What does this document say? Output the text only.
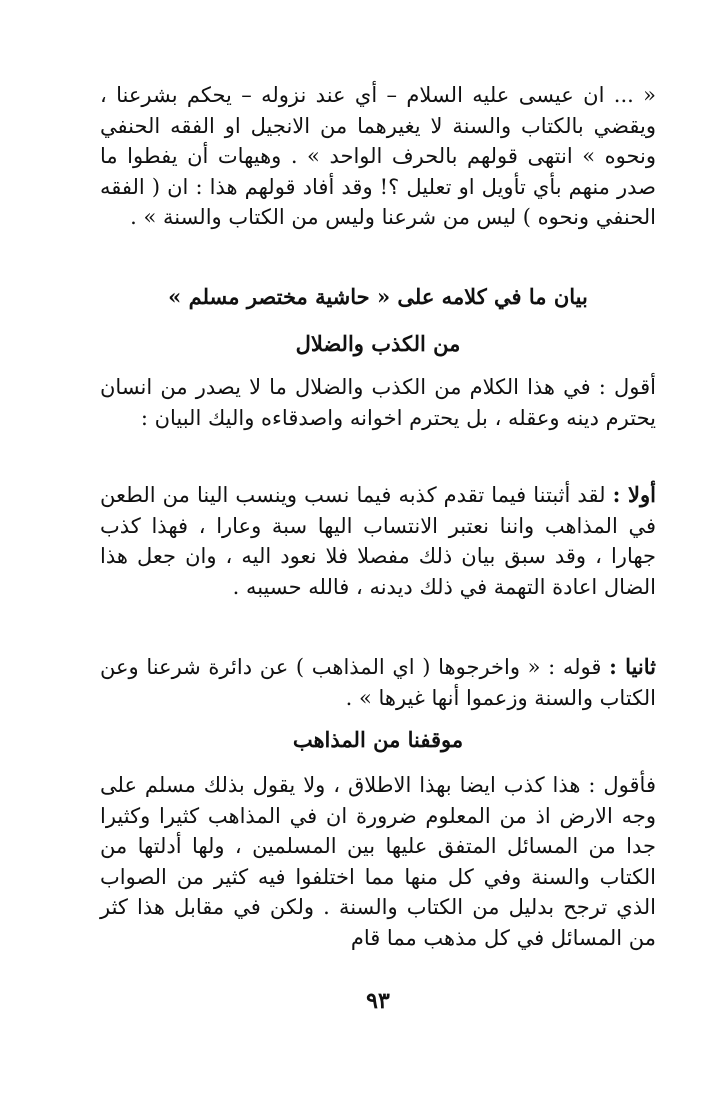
« ... ان عيسى عليه السلام – أي عند نزوله – يحكم بشرعنا ، ويقضي بالكتاب والسنة لا يغيرهما من الانجيل او الفقه الحنفي ونحوه » انتهى قولهم بالحرف الواحد » . وهيهات أن يفطوا ما صدر منهم بأي تأويل او تعليل ؟! وقد أفاد قولهم هذا : ان ( الفقه الحنفي ونحوه ) ليس من شرعنا وليس من الكتاب والسنة » .

بيان ما في كلامه على « حاشية مختصر مسلم »
من الكذب والضلال

أقول : في هذا الكلام من الكذب والضلال ما لا يصدر من انسان يحترم دينه وعقله ، بل يحترم اخوانه واصدقاءه واليك البيان :

أولا : لقد أثبتنا فيما تقدم كذبه فيما نسب وينسب الينا من الطعن في المذاهب واننا نعتبر الانتساب اليها سبة وعارا ، فهذا كذب جهارا ، وقد سبق بيان ذلك مفصلا فلا نعود اليه ، وان جعل هذا الضال اعادة التهمة في ذلك ديدنه ، فالله حسيبه .

ثانيا : قوله : « واخرجوها ( اي المذاهب ) عن دائرة شرعنا وعن الكتاب والسنة وزعموا أنها غيرها » .

موقفنا من المذاهب

فأقول : هذا كذب ايضا بهذا الاطلاق ، ولا يقول بذلك مسلم على وجه الارض اذ من المعلوم ضرورة ان في المذاهب كثيرا وكثيرا جدا من المسائل المتفق عليها بين المسلمين ، ولها أدلتها من الكتاب والسنة وفي كل منها مما اختلفوا فيه كثير من الصواب الذي ترجح بدليل من الكتاب والسنة . ولكن في مقابل هذا كثر من المسائل في كل مذهب مما قام

٩٣
